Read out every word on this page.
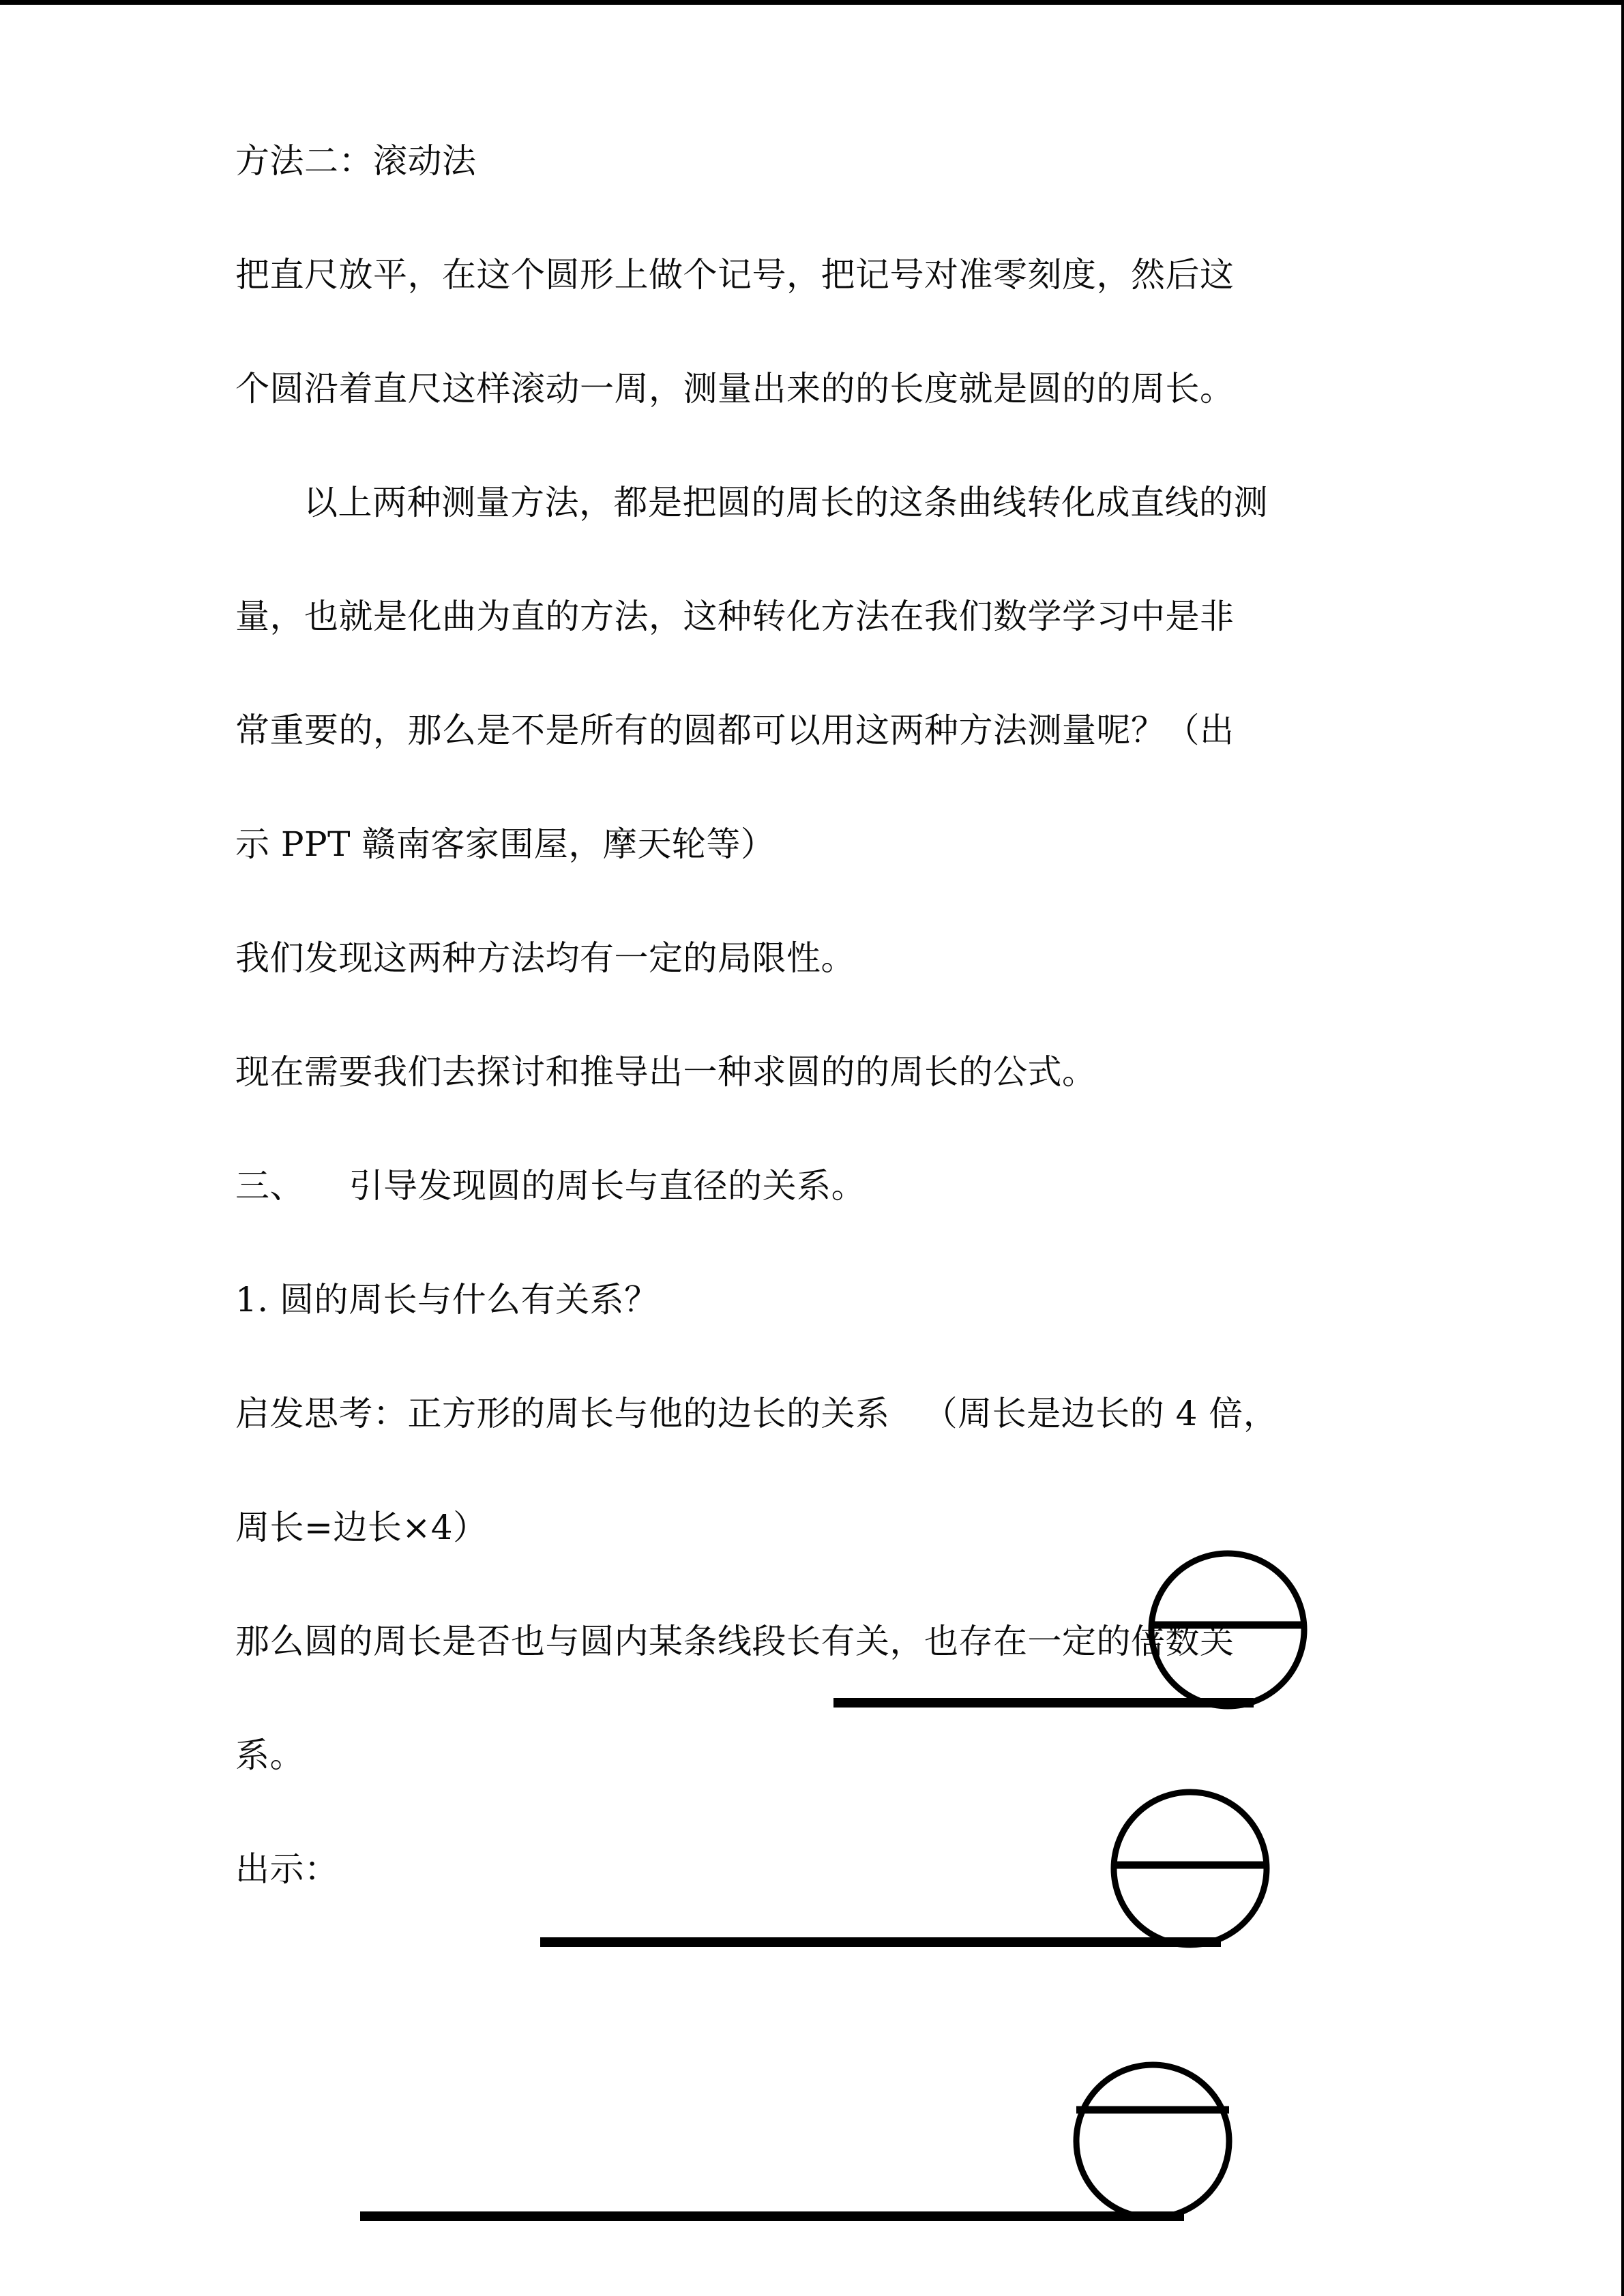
方法二：滚动法

把直尺放平，在这个圆形上做个记号，把记号对准零刻度，然后这

个圆沿着直尺这样滚动一周，测量出来的的长度就是圆的的周长。

以上两种测量方法，都是把圆的周长的这条曲线转化成直线的测

量，也就是化曲为直的方法，这种转化方法在我们数学学习中是非

常重要的，那么是不是所有的圆都可以用这两种方法测量呢？（出

示 PPT 赣南客家围屋，摩天轮等）

我们发现这两种方法均有一定的局限性。

现在需要我们去探讨和推导出一种求圆的的周长的公式。

三、    引导发现圆的周长与直径的关系。

1. 圆的周长与什么有关系？

启发思考：正方形的周长与他的边长的关系   （周长是边长的 4 倍，

周长=边长×4）

那么圆的周长是否也与圆内某条线段长有关，也存在一定的倍数关

系。

出示：
